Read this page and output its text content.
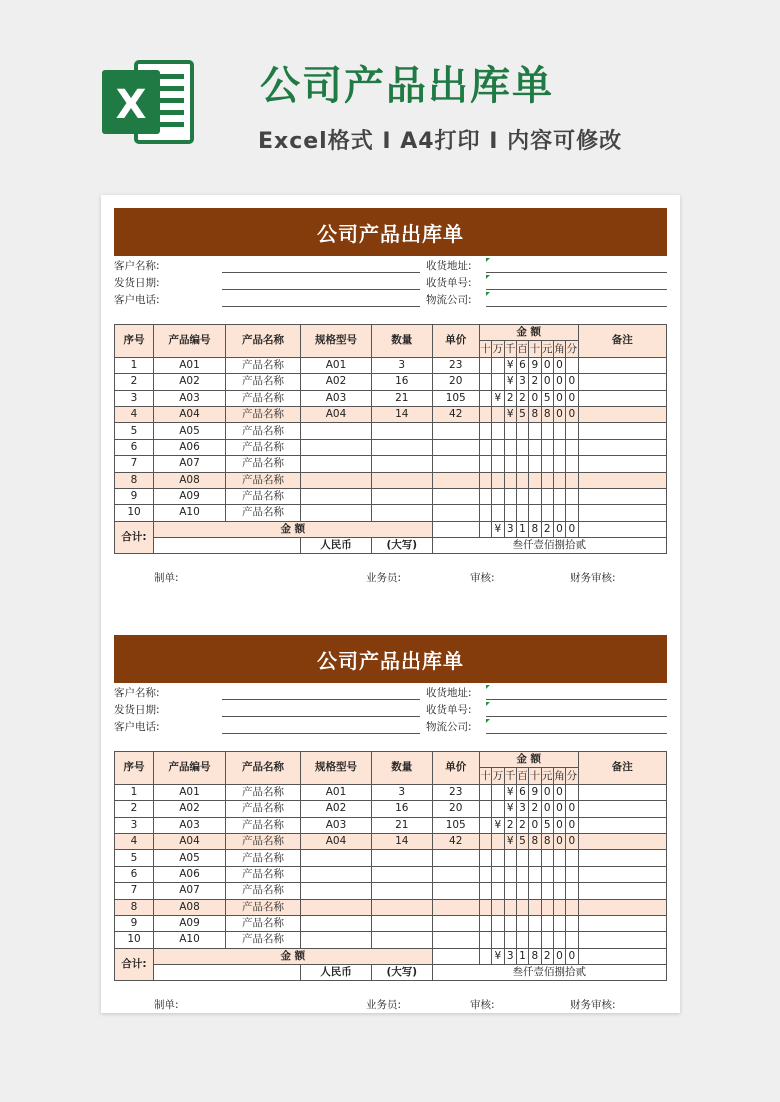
X	公司产品出库单
Excel格式 I A4打印 I 内容可修改
公司产品出库单
客户名称:
发货日期:
客户电话:
收货地址:
收货单号:
物流公司:
序号	产品编号	产品名称	规格型号	数量	单价	金 额								备注
						十	万	千	百	十	元	角	分	
1	A01	产品名称	A01	3	23			¥	6	9	0	0		
2	A02	产品名称	A02	16	20			¥	3	2	0	0	0	
3	A03	产品名称	A03	21	105		¥	2	2	0	5	0	0	
4	A04	产品名称	A04	14	42			¥	5	8	8	0	0	
5	A05	产品名称												
6	A06	产品名称												
7	A07	产品名称												
8	A08	产品名称												
9	A09	产品名称												
10	A10	产品名称												
合计:	金 额						¥	3	1	8	2	0	0	
			人民币	(大写)	叁仟壹佰捌拾贰									
制单:	业务员:	审核:	财务审核:
公司产品出库单
客户名称:
发货日期:
客户电话:
收货地址:
收货单号:
物流公司:
序号	产品编号	产品名称	规格型号	数量	单价	金 额								备注
						十	万	千	百	十	元	角	分	
1	A01	产品名称	A01	3	23			¥	6	9	0	0		
2	A02	产品名称	A02	16	20			¥	3	2	0	0	0	
3	A03	产品名称	A03	21	105		¥	2	2	0	5	0	0	
4	A04	产品名称	A04	14	42			¥	5	8	8	0	0	
5	A05	产品名称												
6	A06	产品名称												
7	A07	产品名称												
8	A08	产品名称												
9	A09	产品名称												
10	A10	产品名称												
合计:	金 额						¥	3	1	8	2	0	0	
			人民币	(大写)	叁仟壹佰捌拾贰									
制单:	业务员:	审核:	财务审核:
